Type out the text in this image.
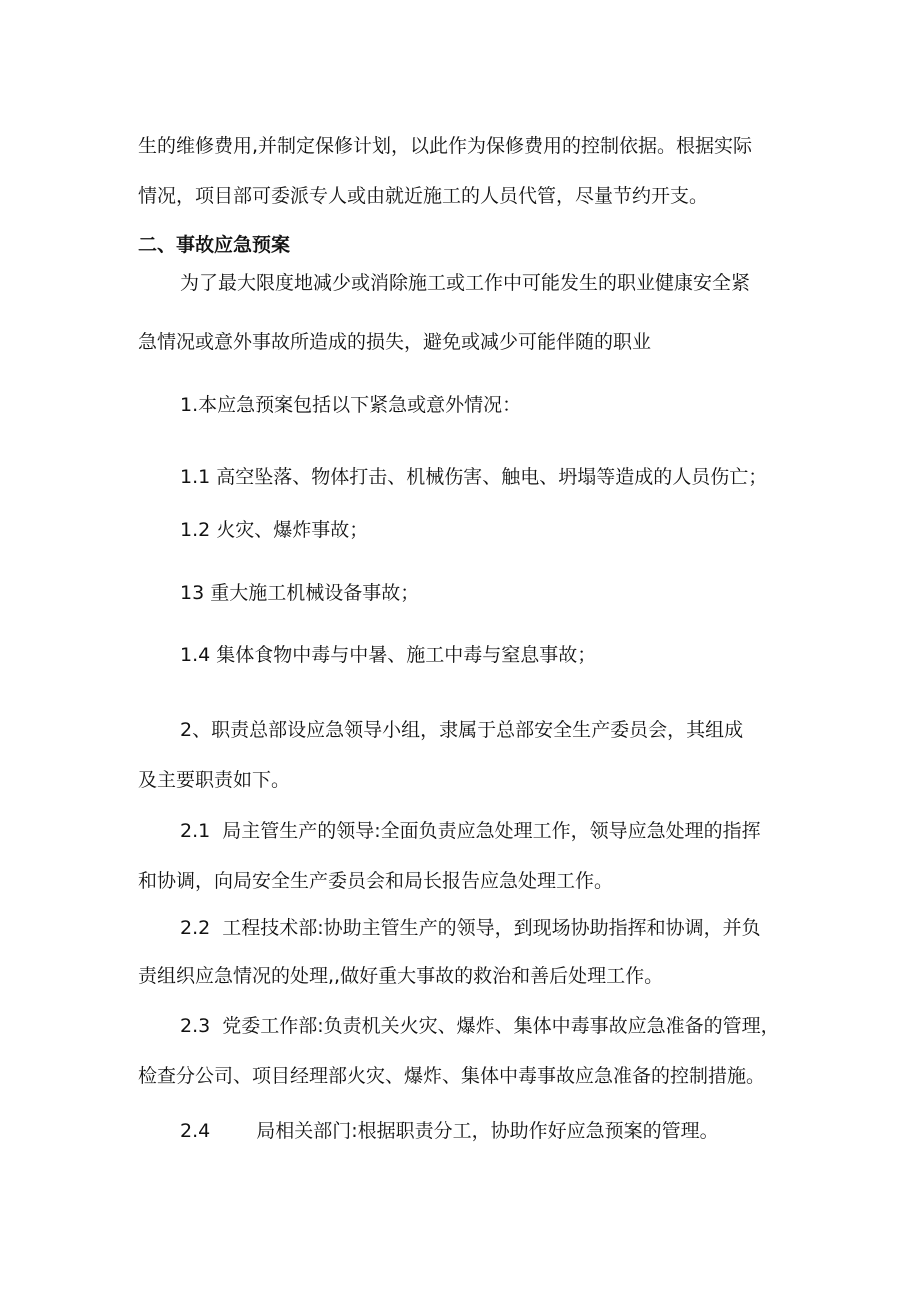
生的维修费用,并制定保修计划，以此作为保修费用的控制依据。根据实际
情况，项目部可委派专人或由就近施工的人员代管，尽量节约开支。
二、事故应急预案
为了最大限度地减少或消除施工或工作中可能发生的职业健康安全紧
急情况或意外事故所造成的损失，避免或减少可能伴随的职业
1.本应急预案包括以下紧急或意外情况：
1.1 高空坠落、物体打击、机械伤害、触电、坍塌等造成的人员伤亡；
1.2 火灾、爆炸事故；
13 重大施工机械设备事故；
1.4 集体食物中毒与中暑、施工中毒与窒息事故；
2、职责总部设应急领导小组，隶属于总部安全生产委员会，其组成
及主要职责如下。
2.1 局主管生产的领导:全面负责应急处理工作，领导应急处理的指挥
和协调，向局安全生产委员会和局长报告应急处理工作。
2.2 工程技术部:协助主管生产的领导，到现场协助指挥和协调，并负
责组织应急情况的处理,,做好重大事故的救治和善后处理工作。
2.3 党委工作部:负责机关火灾、爆炸、集体中毒事故应急准备的管理，
检查分公司、项目经理部火灾、爆炸、集体中毒事故应急准备的控制措施。
2.4 局相关部门:根据职责分工，协助作好应急预案的管理。
